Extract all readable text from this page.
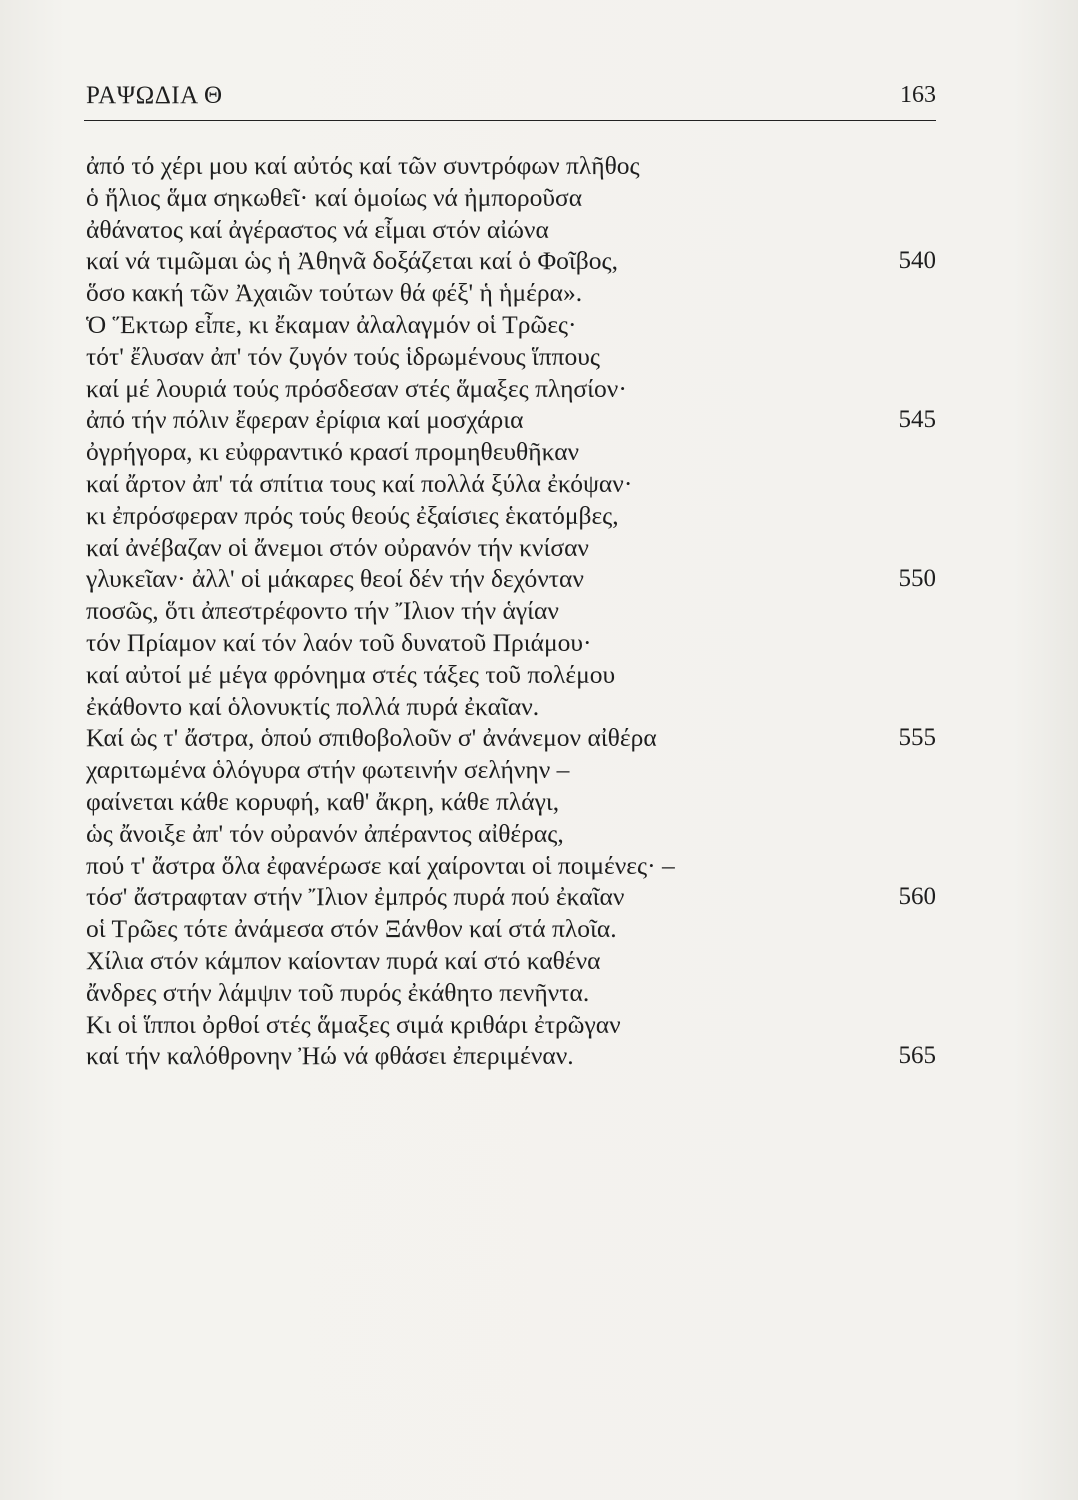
ΡΑΨΩΔΙΑ Θ	163
ἀπό τό χέρι μου καί αὐτός καί τῶν συντρόφων πλῆθος
ὁ ἥλιος ἅμα σηκωθεῖ· καί ὁμοίως νά ἠμποροῦσα
ἀθάνατος καί ἀγέραστος νά εἶμαι στόν αἰώνα
καί νά τιμῶμαι ὡς ἡ Ἀθηνᾶ δοξάζεται καί ὁ Φοῖβος,	540
ὅσο κακή τῶν Ἀχαιῶν τούτων θά φέξ' ἡ ἡμέρα».
Ὁ Ἕκτωρ εἶπε, κι ἔκαμαν ἀλαλαγμόν οἱ Τρῶες·
τότ' ἔλυσαν ἀπ' τόν ζυγόν τούς ἱδρωμένους ἵππους
καί μέ λουριά τούς πρόσδεσαν στές ἅμαξες πλησίον·
ἀπό τήν πόλιν ἔφεραν ἐρίφια καί μοσχάρια	545
ὀγρήγορα, κι εὐφραντικό κρασί προμηθευθῆκαν
καί ἄρτον ἀπ' τά σπίτια τους καί πολλά ξύλα ἐκόψαν·
κι ἐπρόσφεραν πρός τούς θεούς ἐξαίσιες ἑκατόμβες,
καί ἀνέβαζαν οἱ ἄνεμοι στόν οὐρανόν τήν κνίσαν
γλυκεῖαν· ἀλλ' οἱ μάκαρες θεοί δέν τήν δεχόνταν	550
ποσῶς, ὅτι ἀπεστρέφοντο τήν Ἴλιον τήν ἁγίαν
τόν Πρίαμον καί τόν λαόν τοῦ δυνατοῦ Πριάμου·
καί αὐτοί μέ μέγα φρόνημα στές τάξες τοῦ πολέμου
ἐκάθοντο καί ὁλονυκτίς πολλά πυρά ἐκαῖαν.
Καί ὡς τ' ἄστρα, ὁπού σπιθοβολοῦν σ' ἀνάνεμον αἰθέρα	555
χαριτωμένα ὁλόγυρα στήν φωτεινήν σελήνην –
φαίνεται κάθε κορυφή, καθ' ἄκρη, κάθε πλάγι,
ὡς ἄνοιξε ἀπ' τόν οὐρανόν ἀπέραντος αἰθέρας,
πού τ' ἄστρα ὅλα ἐφανέρωσε καί χαίρονται οἱ ποιμένες· –
τόσ' ἄστραφταν στήν Ἴλιον ἐμπρός πυρά πού ἐκαῖαν	560
οἱ Τρῶες τότε ἀνάμεσα στόν Ξάνθον καί στά πλοῖα.
Χίλια στόν κάμπον καίονταν πυρά καί στό καθένα
ἄνδρες στήν λάμψιν τοῦ πυρός ἐκάθητο πενῆντα.
Κι οἱ ἵπποι ὀρθοί στές ἅμαξες σιμά κριθάρι ἐτρῶγαν
καί τήν καλόθρονην Ἠώ νά φθάσει ἐπεριμέναν.	565
